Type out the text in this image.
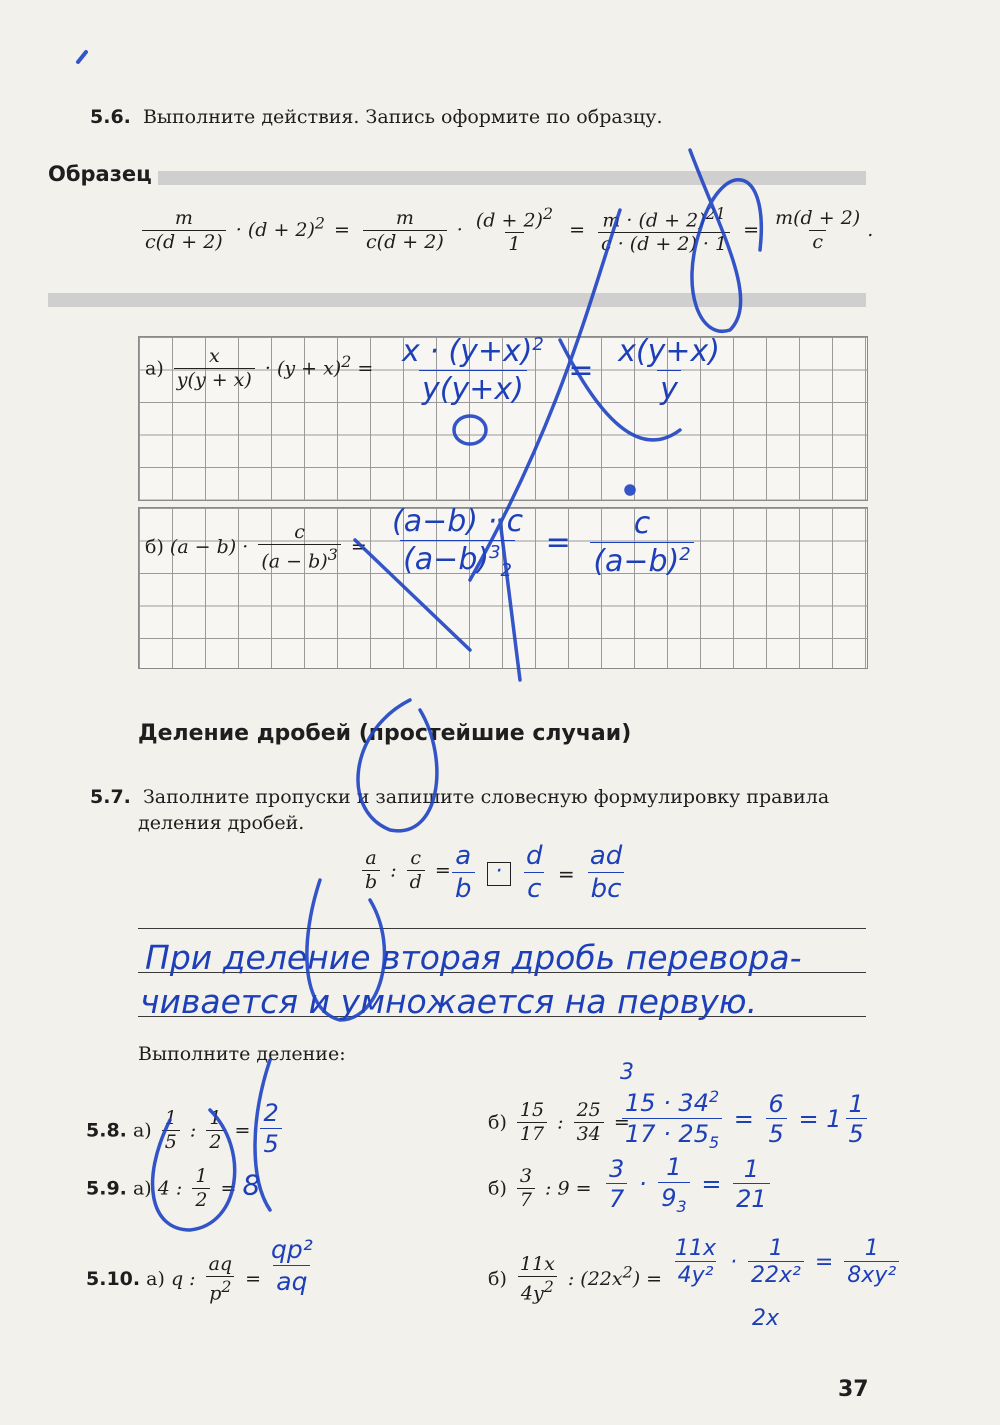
5.6. Выполните действия. Запись оформите по образцу.
Образец
$\frac{m}{c(d + 2)} \cdot (d + 2)^2 = \frac{m}{c(d + 2)} \cdot \frac{(d + 2)^2}{1} = \frac{m \cdot (d + 2)^{21}}{c \cdot (d + 2) \cdot 1} = \frac{m(d + 2)}{c}$ .
$а) \frac{x}{y(y + x)} \cdot (y + x)^2$ =
б) $(a - b) \cdot \frac{c}{(a - b)^3}$ =
$\frac{x \cdot (y+x)^2}{y(y+x)} = \frac{x(y+x)}{y}$
$\frac{(a-b) \cdot c}{(a-b)^3_2} = \frac{c}{(a-b)^2}$
Деление дробей (простейшие случаи)
5.7. Заполните пропуски и запишите словесную формулировку правила
деления дробей.
$\frac{a}{b}$ : $\frac{c}{d} = \frac{a}{b} \cdot \frac{d}{c} = \frac{ad}{bc}$
При деление вторая дробь перевора-
чивается и умножается на первую.
Выполните деление:
5.8. $а) \frac{1}{5}$ : $\frac{1}{2} = \frac{2}{5}$	$б) \frac{15}{17}$ : $\frac{25}{34}$ =
3
$\frac{15 \cdot 34^2}{17 \cdot 25_5} = \frac{6}{5} = 1 \frac{1}{5}$
5.9. а) 4 : $\frac{1}{2} = 8$	$б) \frac{3}{7}$ : $9 = \frac{3}{7} \cdot \frac{1}{9_3} = \frac{1}{21}$
5.10. а) q : $\frac{aq}{p^2} = \frac{\text{qp²}}{aq}$	$б) \frac{11x}{4y^2}$ : $(22x^2) = \frac{11x}{\text{4y²}} \cdot \frac{1}{\text{22x²}} = \frac{1}{\text{8xy²}}$
2x
37
